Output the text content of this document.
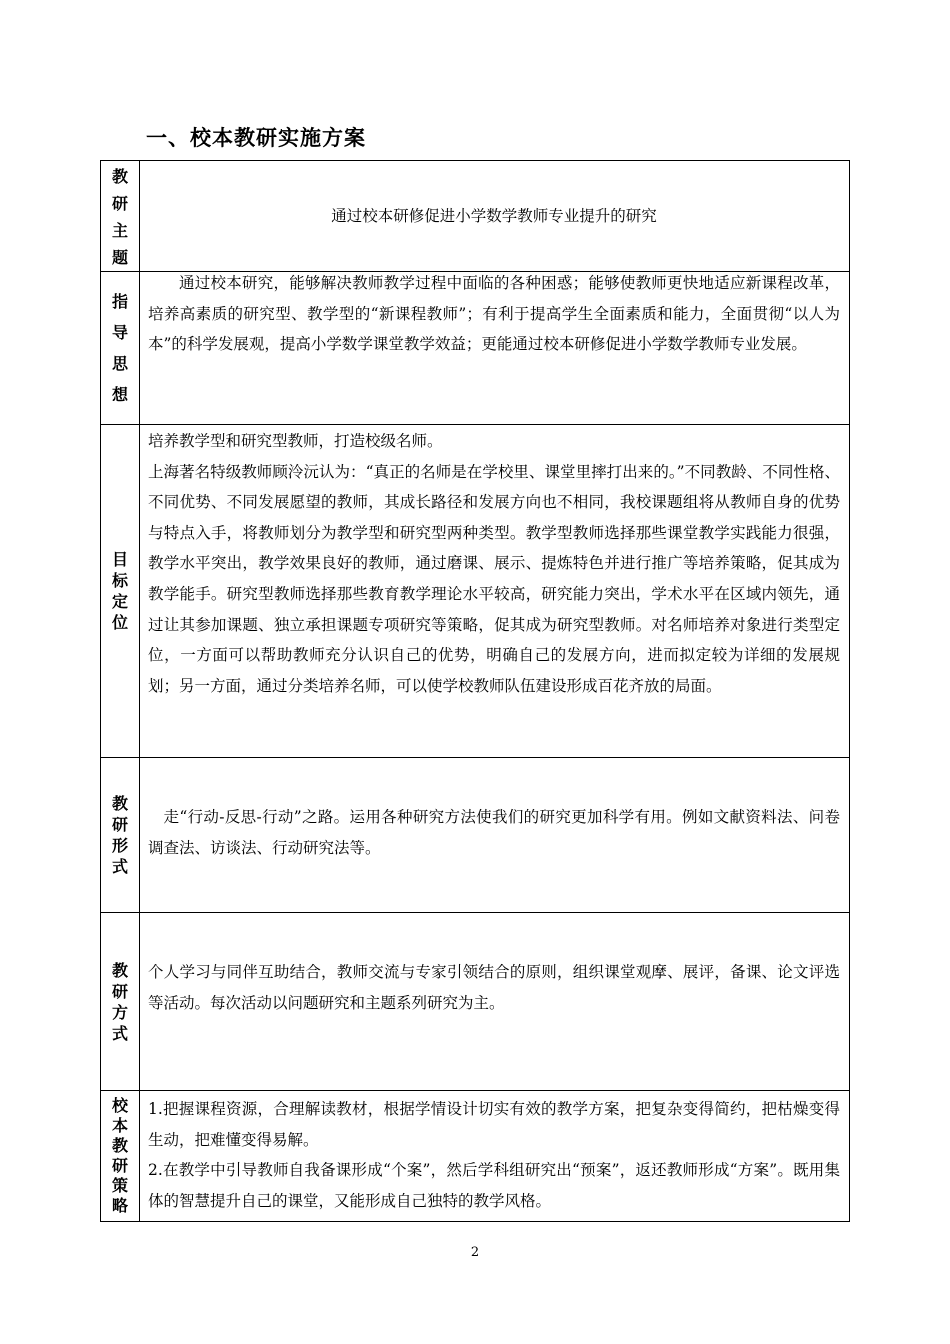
一、校本教研实施方案
教研主题	通过校本研修促进小学数学教师专业提升的研究

指导思想	通过校本研究，能够解决教师教学过程中面临的各种困惑；能够使教师更快地适应新课程改革，培养高素质的研究型、教学型的“新课程教师”；有利于提高学生全面素质和能力，全面贯彻“以人为本”的科学发展观，提高小学数学课堂教学效益；更能通过校本研修促进小学数学教师专业发展。

目标定位	培养教学型和研究型教师，打造校级名师。

上海著名特级教师顾泠沅认为：“真正的名师是在学校里、课堂里摔打出来的。”不同教龄、不同性格、不同优势、不同发展愿望的教师，其成长路径和发展方向也不相同，我校课题组将从教师自身的优势与特点入手，将教师划分为教学型和研究型两种类型。教学型教师选择那些课堂教学实践能力很强，教学水平突出，教学效果良好的教师，通过磨课、展示、提炼特色并进行推广等培养策略，促其成为教学能手。研究型教师选择那些教育教学理论水平较高，研究能力突出，学术水平在区域内领先，通过让其参加课题、独立承担课题专项研究等策略，促其成为研究型教师。对名师培养对象进行类型定位，一方面可以帮助教师充分认识自己的优势，明确自己的发展方向，进而拟定较为详细的发展规划；另一方面，通过分类培养名师，可以使学校教师队伍建设形成百花齐放的局面。

教研形式	走“行动-反思-行动”之路。运用各种研究方法使我们的研究更加科学有用。例如文献资料法、问卷调查法、访谈法、行动研究法等。

教研方式	个人学习与同伴互助结合，教师交流与专家引领结合的原则，组织课堂观摩、展评，备课、论文评选等活动。每次活动以问题研究和主题系列研究为主。

校本教研策略	1.把握课程资源，合理解读教材，根据学情设计切实有效的教学方案，把复杂变得简约，把枯燥变得生动，把难懂变得易解。

2.在教学中引导教师自我备课形成“个案”，然后学科组研究出“预案”，返还教师形成“方案”。既用集体的智慧提升自己的课堂，又能形成自己独特的教学风格。

2
